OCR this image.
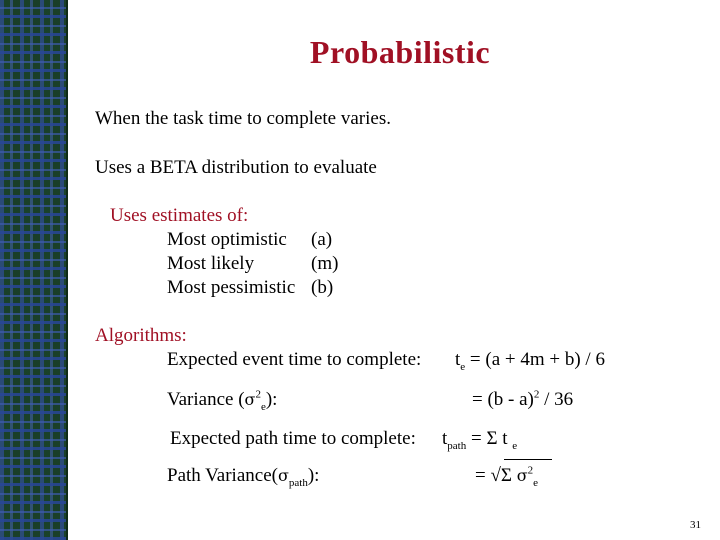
Probabilistic
When the task time to complete varies.
Uses a BETA distribution to evaluate
Uses estimates of:
Most optimistic (a)
Most likely	(m)
Most pessimistic (b)
Algorithms:
Expected event time to complete: $t_e = (a + 4m + b) / 6$
Variance $(\sigma^2_e)$:	= (b - a)$^2$ / 36
Expected path time to complete: $t_{path} = \Sigma$ t $_e$
Path $Variance(\sigma_{path})$:	= √Σ $\sigma^2_e$
31
